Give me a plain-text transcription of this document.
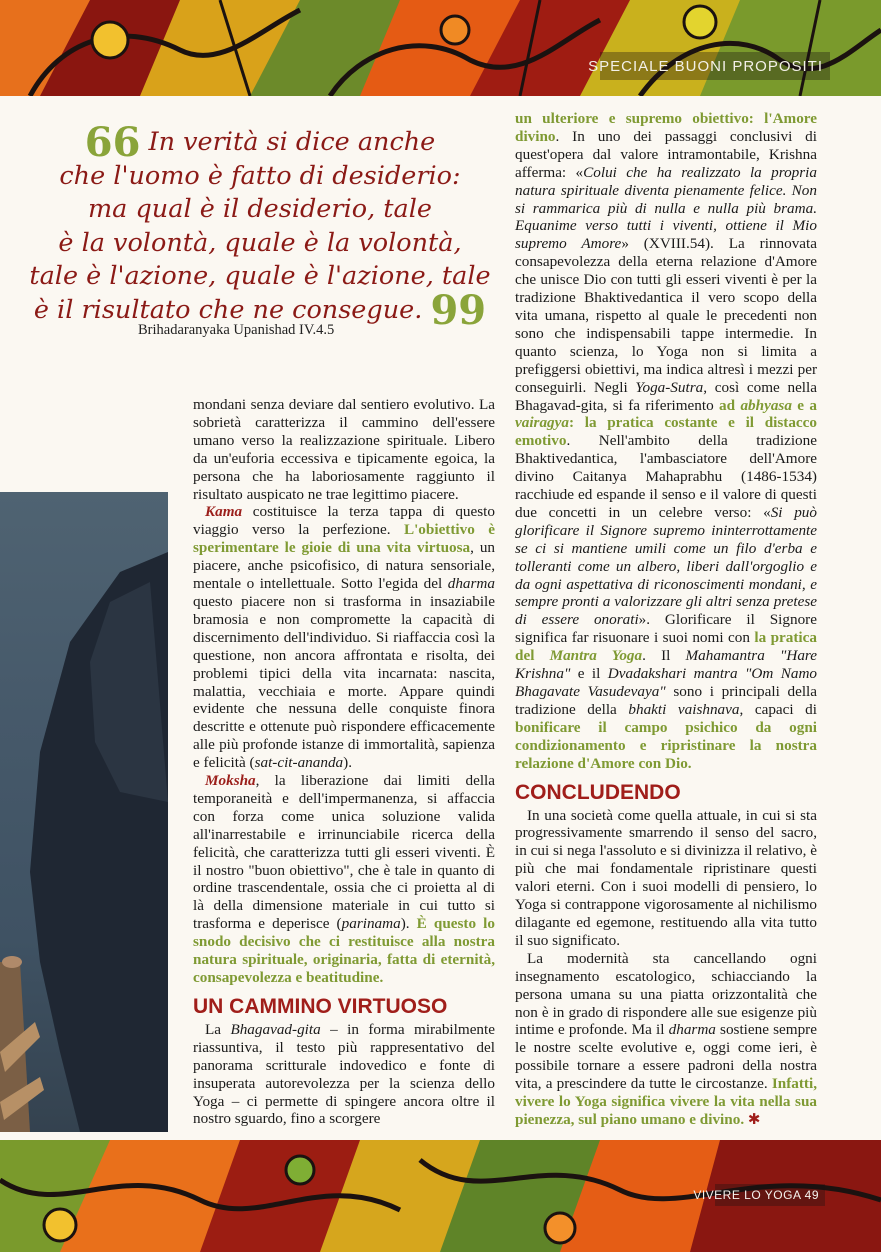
SPECIALE BUONI PROPOSITI
66 In verità si dice anche
che l'uomo è fatto di desiderio:
ma qual è il desiderio, tale
è la volontà, quale è la volontà,
tale è l'azione, quale è l'azione, tale
è il risultato che ne consegue. 99
Brihadaranyaka Upanishad IV.4.5

mondani senza deviare dal sentiero evolutivo. La sobrietà caratterizza il cammino dell'essere umano verso la realizzazione spirituale. Libero da un'euforia eccessiva e tipicamente egoica, la persona che ha laboriosamente raggiunto il risultato auspicato ne trae legittimo piacere.

Kama costituisce la terza tappa di questo viaggio verso la perfezione. L'obiettivo è sperimentare le gioie di una vita virtuosa, un piacere, anche psicofisico, di natura sensoriale, mentale o intellettuale. Sotto l'egida del dharma questo piacere non si trasforma in insaziabile bramosia e non compromette la capacità di discernimento dell'individuo. Si riaffaccia così la questione, non ancora affrontata e risolta, dei problemi tipici della vita incarnata: nascita, malattia, vecchiaia e morte. Appare quindi evidente che nessuna delle conquiste finora descritte e ottenute può rispondere efficacemente alle più profonde istanze di immortalità, sapienza e felicità (sat-cit-ananda).

Moksha, la liberazione dai limiti della temporaneità e dell'impermanenza, si affaccia con forza come unica soluzione valida all'inarrestabile e irrinunciabile ricerca della felicità, che caratterizza tutti gli esseri viventi. È il nostro "buon obiettivo", che è tale in quanto di ordine trascendentale, ossia che ci proietta al di là della dimensione materiale in cui tutto si trasforma e deperisce (parinama). È questo lo snodo decisivo che ci restituisce alla nostra natura spirituale, originaria, fatta di eternità, consapevolezza e beatitudine.

UN CAMMINO VIRTUOSO

La Bhagavad-gita – in forma mirabilmente riassuntiva, il testo più rappresentativo del panorama scritturale indovedico e fonte di insuperata autorevolezza per la scienza dello Yoga – ci permette di spingere ancora oltre il nostro sguardo, fino a scorgere

un ulteriore e supremo obiettivo: l'Amore divino. In uno dei passaggi conclusivi di quest'opera dal valore intramontabile, Krishna afferma: «Colui che ha realizzato la propria natura spirituale diventa pienamente felice. Non si rammarica più di nulla e nulla più brama. Equanime verso tutti i viventi, ottiene il Mio supremo Amore» (XVIII.54). La rinnovata consapevolezza della eterna relazione d'Amore che unisce Dio con tutti gli esseri viventi è per la tradizione Bhaktivedantica il vero scopo della vita umana, rispetto al quale le precedenti non sono che indispensabili tappe intermedie. In quanto scienza, lo Yoga non si limita a prefiggersi obiettivi, ma indica altresì i mezzi per conseguirli. Negli Yoga-Sutra, così come nella Bhagavad-gita, si fa riferimento ad abhyasa e a vairagya: la pratica costante e il distacco emotivo. Nell'ambito della tradizione Bhaktivedantica, l'ambasciatore dell'Amore divino Caitanya Mahaprabhu (1486-1534) racchiude ed espande il senso e il valore di questi due concetti in un celebre verso: «Si può glorificare il Signore supremo ininterrottamente se ci si mantiene umili come un filo d'erba e tolleranti come un albero, liberi dall'orgoglio e da ogni aspettativa di riconoscimenti mondani, e sempre pronti a valorizzare gli altri senza pretese di essere onorati». Glorificare il Signore significa far risuonare i suoi nomi con la pratica del Mantra Yoga. Il Mahamantra "Hare Krishna" e il Dvadakshari mantra "Om Namo Bhagavate Vasudevaya" sono i principali della tradizione della bhakti vaishnava, capaci di bonificare il campo psichico da ogni condizionamento e ripristinare la nostra relazione d'Amore con Dio.

CONCLUDENDO

In una società come quella attuale, in cui si sta progressivamente smarrendo il senso del sacro, in cui si nega l'assoluto e si divinizza il relativo, è più che mai fondamentale ripristinare questi valori eterni. Con i suoi modelli di pensiero, lo Yoga si contrappone vigorosamente al nichilismo dilagante ed egemone, restituendo alla vita tutto il suo significato.

La modernità sta cancellando ogni insegnamento escatologico, schiacciando la persona umana su una piatta orizzontalità che non è in grado di rispondere alle sue esigenze più intime e profonde. Ma il dharma sostiene sempre le nostre scelte evolutive e, oggi come ieri, è possibile tornare a essere padroni della nostra vita, a prescindere da tutte le circostanze. Infatti, vivere lo Yoga significa vivere la vita nella sua pienezza, sul piano umano e divino. ✱

VIVERE LO YOGA 49
